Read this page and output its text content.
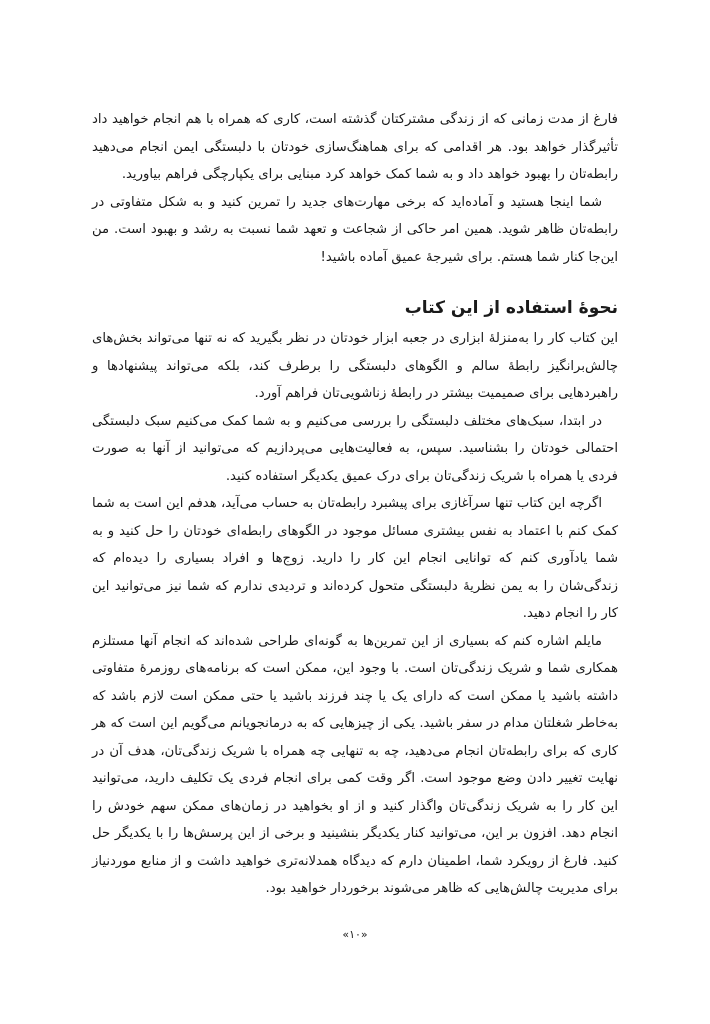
فارغ از مدت زمانی که از زندگی مشترکتان گذشته است، کاری که همراه با هم انجام خواهید داد تأثیرگذار خواهد بود. هر اقدامی که برای هماهنگ‌سازی خودتان با دلبستگی ایمن انجام می‌دهید رابطه‌تان را بهبود خواهد داد و به شما کمک خواهد کرد مبنایی برای یکپارچگی فراهم بیاورید.

شما اینجا هستید و آماده‌اید که برخی مهارت‌های جدید را تمرین کنید و به شکل متفاوتی در رابطه‌تان ظاهر شوید. همین امر حاکی از شجاعت و تعهد شما نسبت به رشد و بهبود است. من این‌جا کنار شما هستم. برای شیرجهٔ عمیق آماده باشید!

نحوهٔ استفاده از این کتاب

این کتاب کار را به‌منزلهٔ ابزاری در جعبه ابزار خودتان در نظر بگیرید که نه تنها می‌تواند بخش‌های چالش‌برانگیز رابطهٔ سالم و الگوهای دلبستگی را برطرف کند، بلکه می‌تواند پیشنهادها و راهبردهایی برای صمیمیت بیشتر در رابطهٔ زناشویی‌تان فراهم آورد.

در ابتدا، سبک‌های مختلف دلبستگی را بررسی می‌کنیم و به شما کمک می‌کنیم سبک دلبستگی احتمالی خودتان را بشناسید. سپس، به فعالیت‌هایی می‌پردازیم که می‌توانید از آنها به صورت فردی یا همراه با شریک زندگی‌تان برای درک عمیق یکدیگر استفاده کنید.

اگرچه این کتاب تنها سرآغازی برای پیشبرد رابطه‌تان به حساب می‌آید، هدفم این است به شما کمک کنم با اعتماد به نفس بیشتری مسائل موجود در الگوهای رابطه‌ای خودتان را حل کنید و به شما یادآوری کنم که توانایی انجام این کار را دارید. زوج‌ها و افراد بسیاری را دیده‌ام که زندگی‌شان را به یمن نظریهٔ دلبستگی متحول کرده‌اند و تردیدی ندارم که شما نیز می‌توانید این کار را انجام دهید.

مایلم اشاره کنم که بسیاری از این تمرین‌ها به گونه‌ای طراحی شده‌اند که انجام آنها مستلزم همکاری شما و شریک زندگی‌تان است. با وجود این، ممکن است که برنامه‌های روزمرهٔ متفاوتی داشته باشید یا ممکن است که دارای یک یا چند فرزند باشید یا حتی ممکن است لازم باشد که به‌خاطر شغلتان مدام در سفر باشید. یکی از چیزهایی که به درمانجویانم می‌گویم این است که هر کاری که برای رابطه‌تان انجام می‌دهید، چه به تنهایی چه همراه با شریک زندگی‌تان، هدف آن در نهایت تغییر دادن وضع موجود است. اگر وقت کمی برای انجام فردی یک تکلیف دارید، می‌توانید این کار را به شریک زندگی‌تان واگذار کنید و از او بخواهید در زمان‌های ممکن سهم خودش را انجام دهد. افزون بر این، می‌توانید کنار یکدیگر بنشینید و برخی از این پرسش‌ها را با یکدیگر حل کنید. فارغ از رویکرد شما، اطمینان دارم که دیدگاه همدلانه‌تری خواهید داشت و از منابع موردنیاز برای مدیریت چالش‌هایی که ظاهر می‌شوند برخوردار خواهید بود.

«۱۰»
